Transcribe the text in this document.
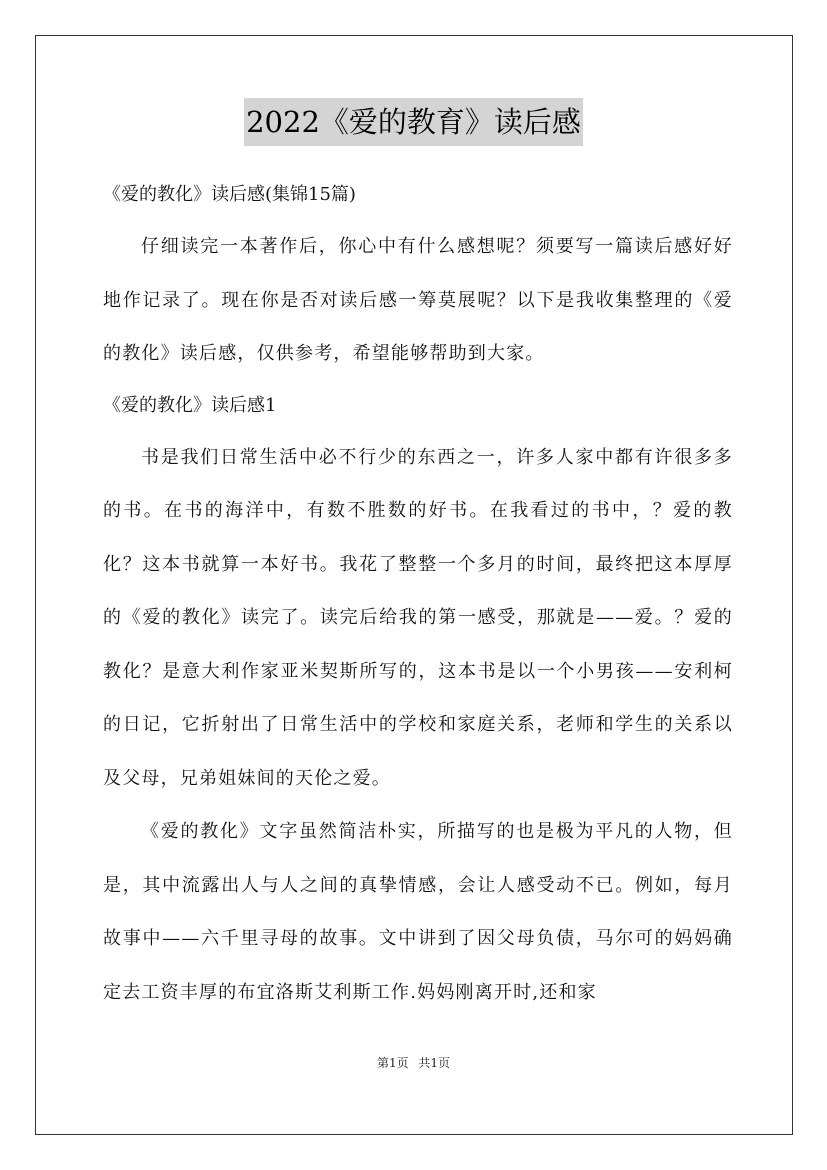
2022《爱的教育》读后感

《爱的教化》读后感(集锦15篇)

仔细读完一本著作后，你心中有什么感想呢？须要写一篇读后感好好地作记录了。现在你是否对读后感一筹莫展呢？以下是我收集整理的《爱的教化》读后感，仅供参考，希望能够帮助到大家。

《爱的教化》读后感1

书是我们日常生活中必不行少的东西之一，许多人家中都有许很多多的书。在书的海洋中，有数不胜数的好书。在我看过的书中，？爱的教化？这本书就算一本好书。我花了整整一个多月的时间，最终把这本厚厚的《爱的教化》读完了。读完后给我的第一感受，那就是——爱。？爱的教化？是意大利作家亚米契斯所写的，这本书是以一个小男孩——安利柯的日记，它折射出了日常生活中的学校和家庭关系，老师和学生的关系以及父母，兄弟姐妹间的天伦之爱。

《爱的教化》文字虽然简洁朴实，所描写的也是极为平凡的人物，但是，其中流露出人与人之间的真挚情感，会让人感受动不已。例如，每月故事中——六千里寻母的故事。文中讲到了因父母负债，马尔可的妈妈确定去工资丰厚的布宜洛斯艾利斯工作.妈妈刚离开时,还和家

第1页 共1页
